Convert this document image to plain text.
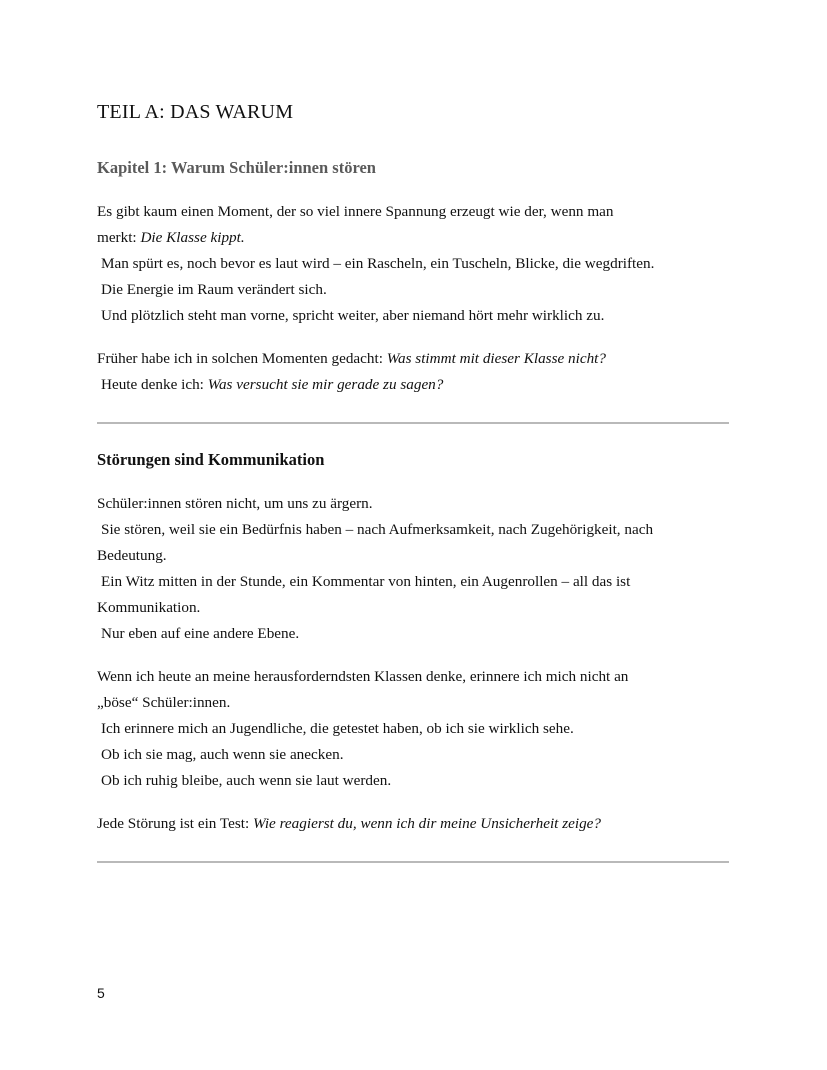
TEIL A: DAS WARUM
Kapitel 1: Warum Schüler:innen stören

Es gibt kaum einen Moment, der so viel innere Spannung erzeugt wie der, wenn man
merkt: Die Klasse kippt.
Man spürt es, noch bevor es laut wird – ein Rascheln, ein Tuscheln, Blicke, die wegdriften.
Die Energie im Raum verändert sich.
Und plötzlich steht man vorne, spricht weiter, aber niemand hört mehr wirklich zu.

Früher habe ich in solchen Momenten gedacht: Was stimmt mit dieser Klasse nicht?
Heute denke ich: Was versucht sie mir gerade zu sagen?

Störungen sind Kommunikation

Schüler:innen stören nicht, um uns zu ärgern.
Sie stören, weil sie ein Bedürfnis haben – nach Aufmerksamkeit, nach Zugehörigkeit, nach
Bedeutung.
Ein Witz mitten in der Stunde, ein Kommentar von hinten, ein Augenrollen – all das ist
Kommunikation.
Nur eben auf eine andere Ebene.

Wenn ich heute an meine herausforderndsten Klassen denke, erinnere ich mich nicht an
„böse“ Schüler:innen.
Ich erinnere mich an Jugendliche, die getestet haben, ob ich sie wirklich sehe.
Ob ich sie mag, auch wenn sie anecken.
Ob ich ruhig bleibe, auch wenn sie laut werden.

Jede Störung ist ein Test: Wie reagierst du, wenn ich dir meine Unsicherheit zeige?

5
